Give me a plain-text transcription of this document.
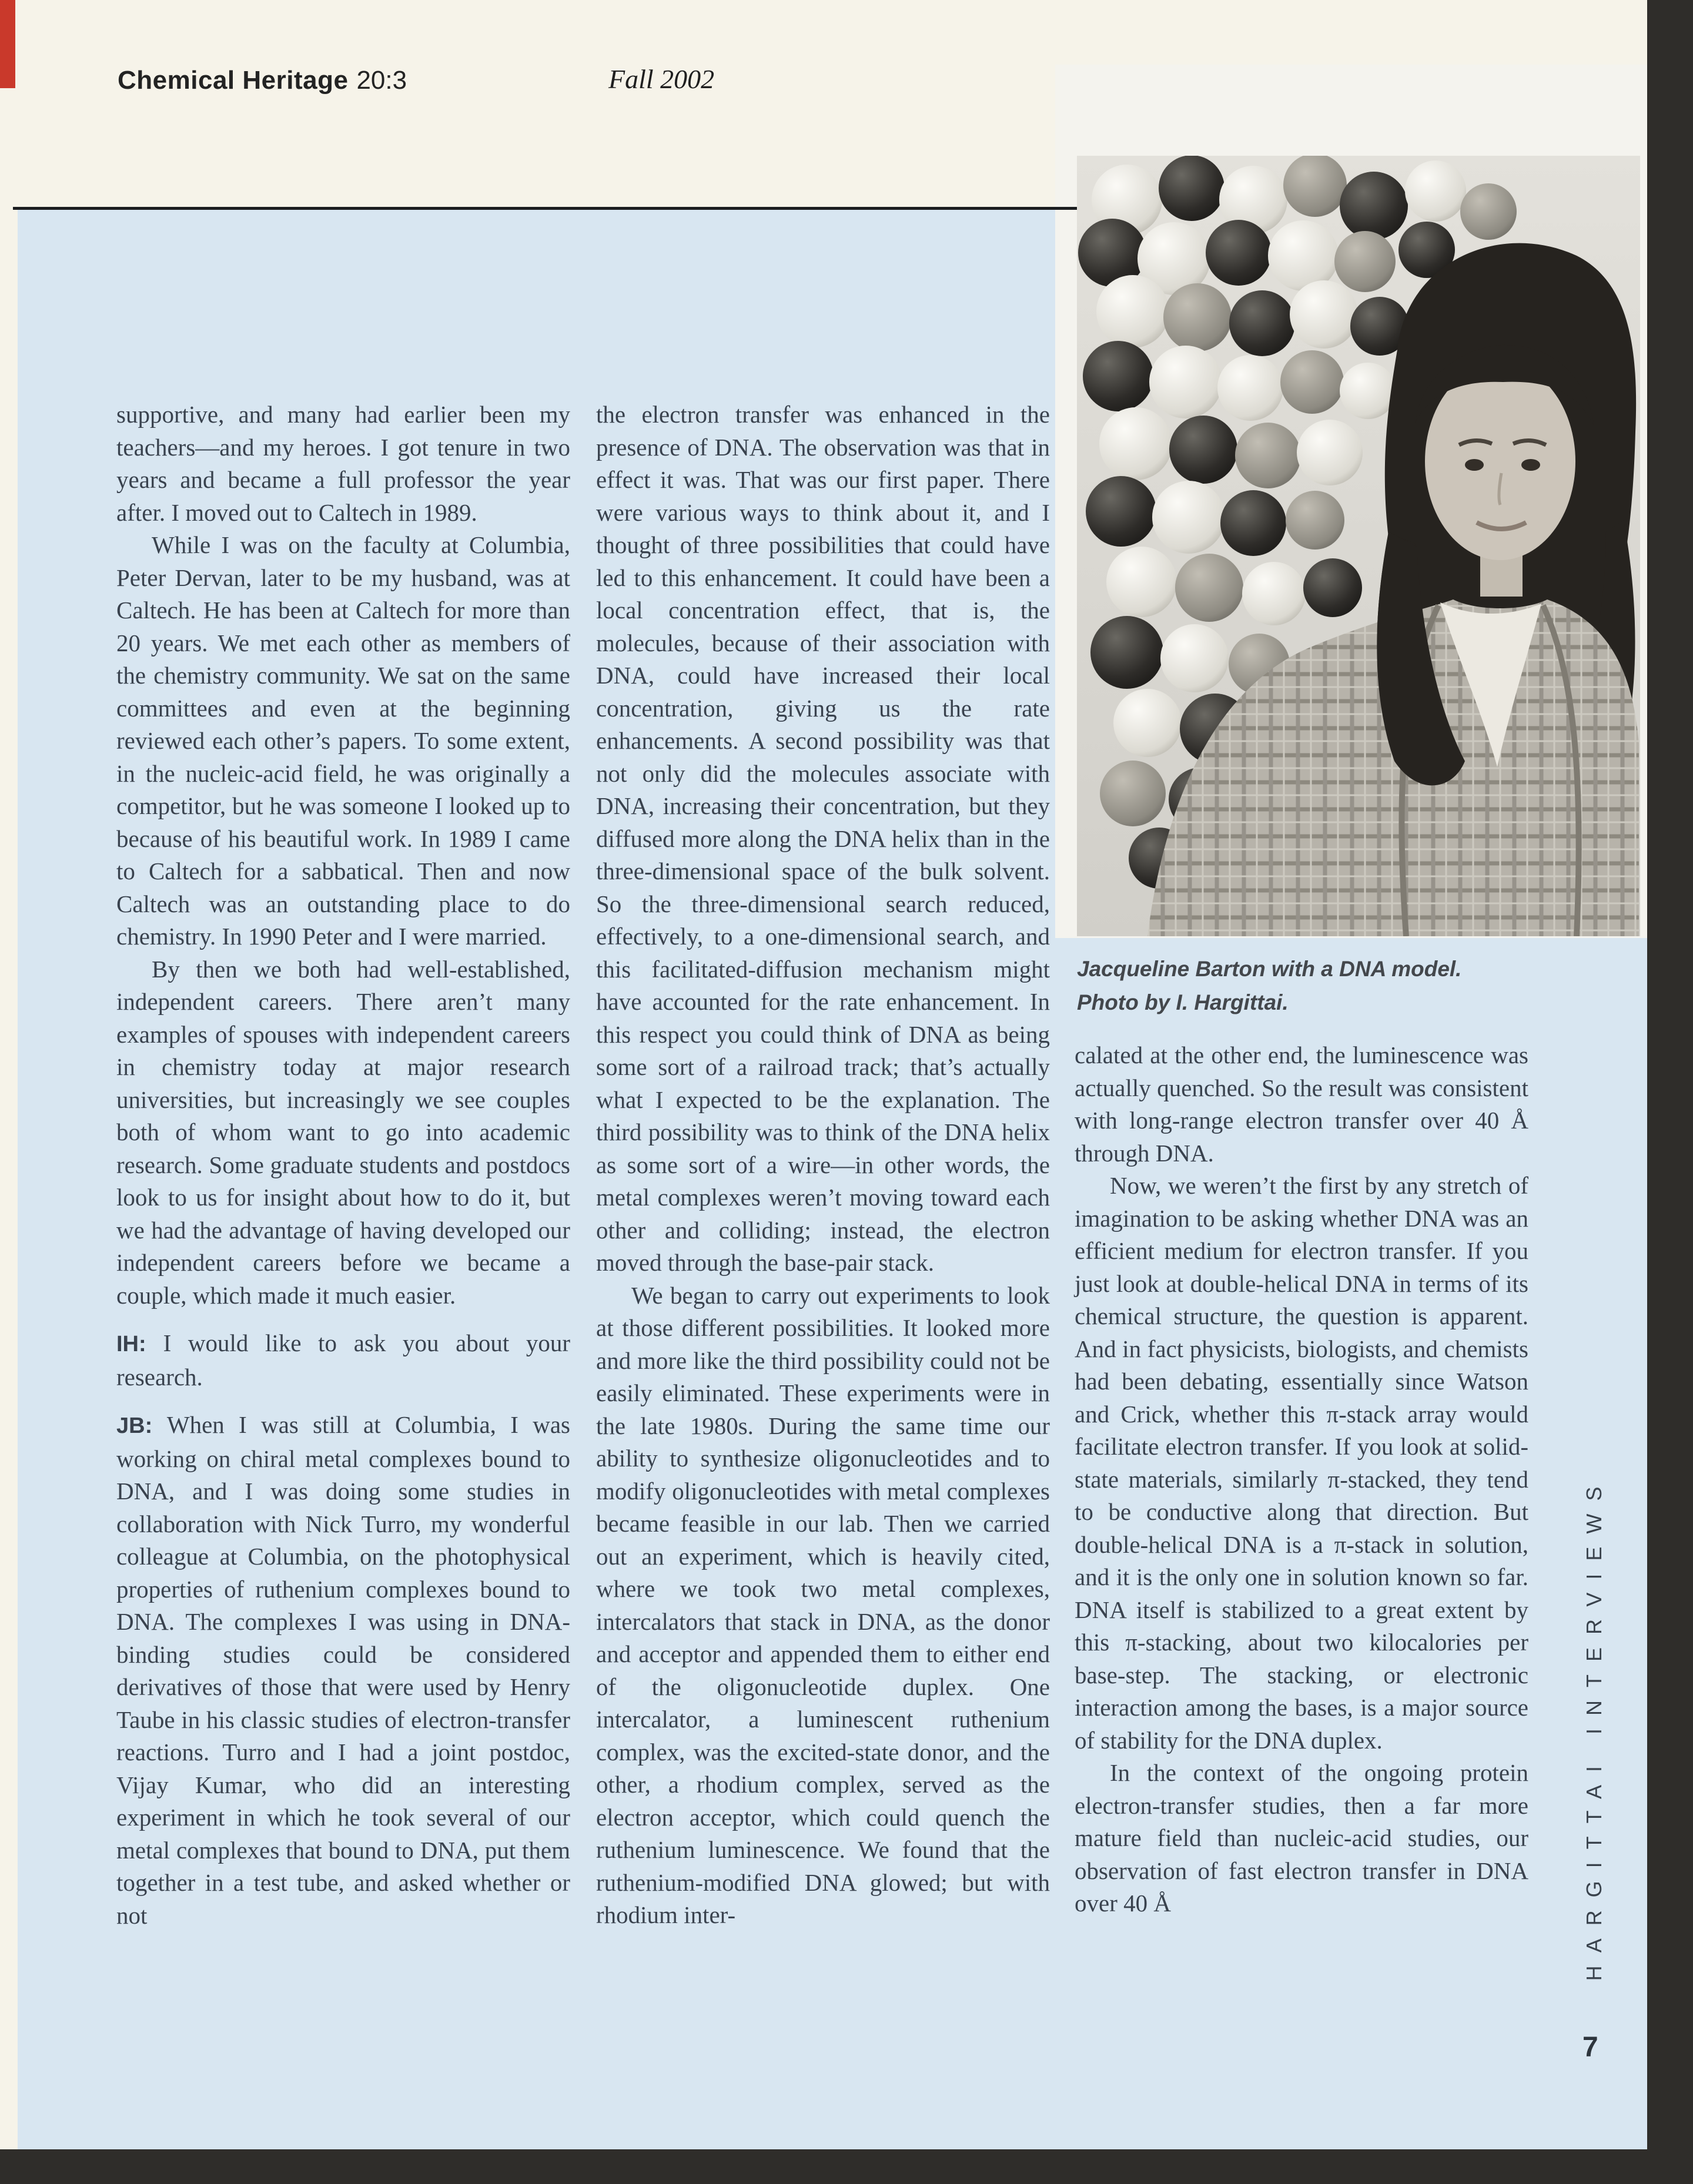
Chemical Heritage 20:3	Fall 2002
Jacqueline Barton with a DNA model.
Photo by I. Hargittai.

supportive, and many had earlier been my teachers—and my heroes. I got tenure in two years and became a full professor the year after. I moved out to Caltech in 1989.

While I was on the faculty at Columbia, Peter Dervan, later to be my husband, was at Caltech. He has been at Caltech for more than 20 years. We met each other as members of the chemistry community. We sat on the same committees and even at the beginning reviewed each other’s papers. To some extent, in the nucleic-acid field, he was originally a competitor, but he was someone I looked up to because of his beautiful work. In 1989 I came to Caltech for a sabbatical. Then and now Caltech was an outstanding place to do chemistry. In 1990 Peter and I were married.

By then we both had well-established, independent careers. There aren’t many examples of spouses with independent careers in chemistry today at major research universities, but increasingly we see couples both of whom want to go into academic research. Some graduate students and postdocs look to us for insight about how to do it, but we had the advantage of having developed our independent careers before we became a couple, which made it much easier.

IH: I would like to ask you about your research.

JB: When I was still at Columbia, I was working on chiral metal complexes bound to DNA, and I was doing some studies in collaboration with Nick Turro, my wonderful colleague at Columbia, on the photophysical properties of ruthenium complexes bound to DNA. The complexes I was using in DNA-binding studies could be considered derivatives of those that were used by Henry Taube in his classic studies of electron-transfer reactions. Turro and I had a joint postdoc, Vijay Kumar, who did an interesting experiment in which he took several of our metal complexes that bound to DNA, put them together in a test tube, and asked whether or not

the electron transfer was enhanced in the presence of DNA. The observation was that in effect it was. That was our first paper. There were various ways to think about it, and I thought of three possibilities that could have led to this enhancement. It could have been a local concentration effect, that is, the molecules, because of their association with DNA, could have increased their local concentration, giving us the rate enhancements. A second possibility was that not only did the molecules associate with DNA, increasing their concentration, but they diffused more along the DNA helix than in the three-dimensional space of the bulk solvent. So the three-dimensional search reduced, effectively, to a one-dimensional search, and this facilitated-diffusion mechanism might have accounted for the rate enhancement. In this respect you could think of DNA as being some sort of a railroad track; that’s actually what I expected to be the explanation. The third possibility was to think of the DNA helix as some sort of a wire—in other words, the metal complexes weren’t moving toward each other and colliding; instead, the electron moved through the base-pair stack.

We began to carry out experiments to look at those different possibilities. It looked more and more like the third possibility could not be easily eliminated. These experiments were in the late 1980s. During the same time our ability to synthesize oligonucleotides and to modify oligonucleotides with metal complexes became feasible in our lab. Then we carried out an experiment, which is heavily cited, where we took two metal complexes, intercalators that stack in DNA, as the donor and acceptor and appended them to either end of the oligonucleotide duplex. One intercalator, a luminescent ruthenium complex, was the excited-state donor, and the other, a rhodium complex, served as the electron acceptor, which could quench the ruthenium luminescence. We found that the ruthenium-modified DNA glowed; but with rhodium inter-

calated at the other end, the luminescence was actually quenched. So the result was consistent with long-range electron transfer over 40 Å through DNA.

Now, we weren’t the first by any stretch of imagination to be asking whether DNA was an efficient medium for electron transfer. If you just look at double-helical DNA in terms of its chemical structure, the question is apparent. And in fact physicists, biologists, and chemists had been debating, essentially since Watson and Crick, whether this π-stack array would facilitate electron transfer. If you look at solid-state materials, similarly π-stacked, they tend to be conductive along that direction. But double-helical DNA is a π-stack in solution, and it is the only one in solution known so far. DNA itself is stabilized to a great extent by this π-stacking, about two kilocalories per base-step. The stacking, or electronic interaction among the bases, is a major source of stability for the DNA duplex.

In the context of the ongoing protein electron-transfer studies, then a far more mature field than nucleic-acid studies, our observation of fast electron transfer in DNA over 40 Å	HARGITTAI INTERVIEWS
7
